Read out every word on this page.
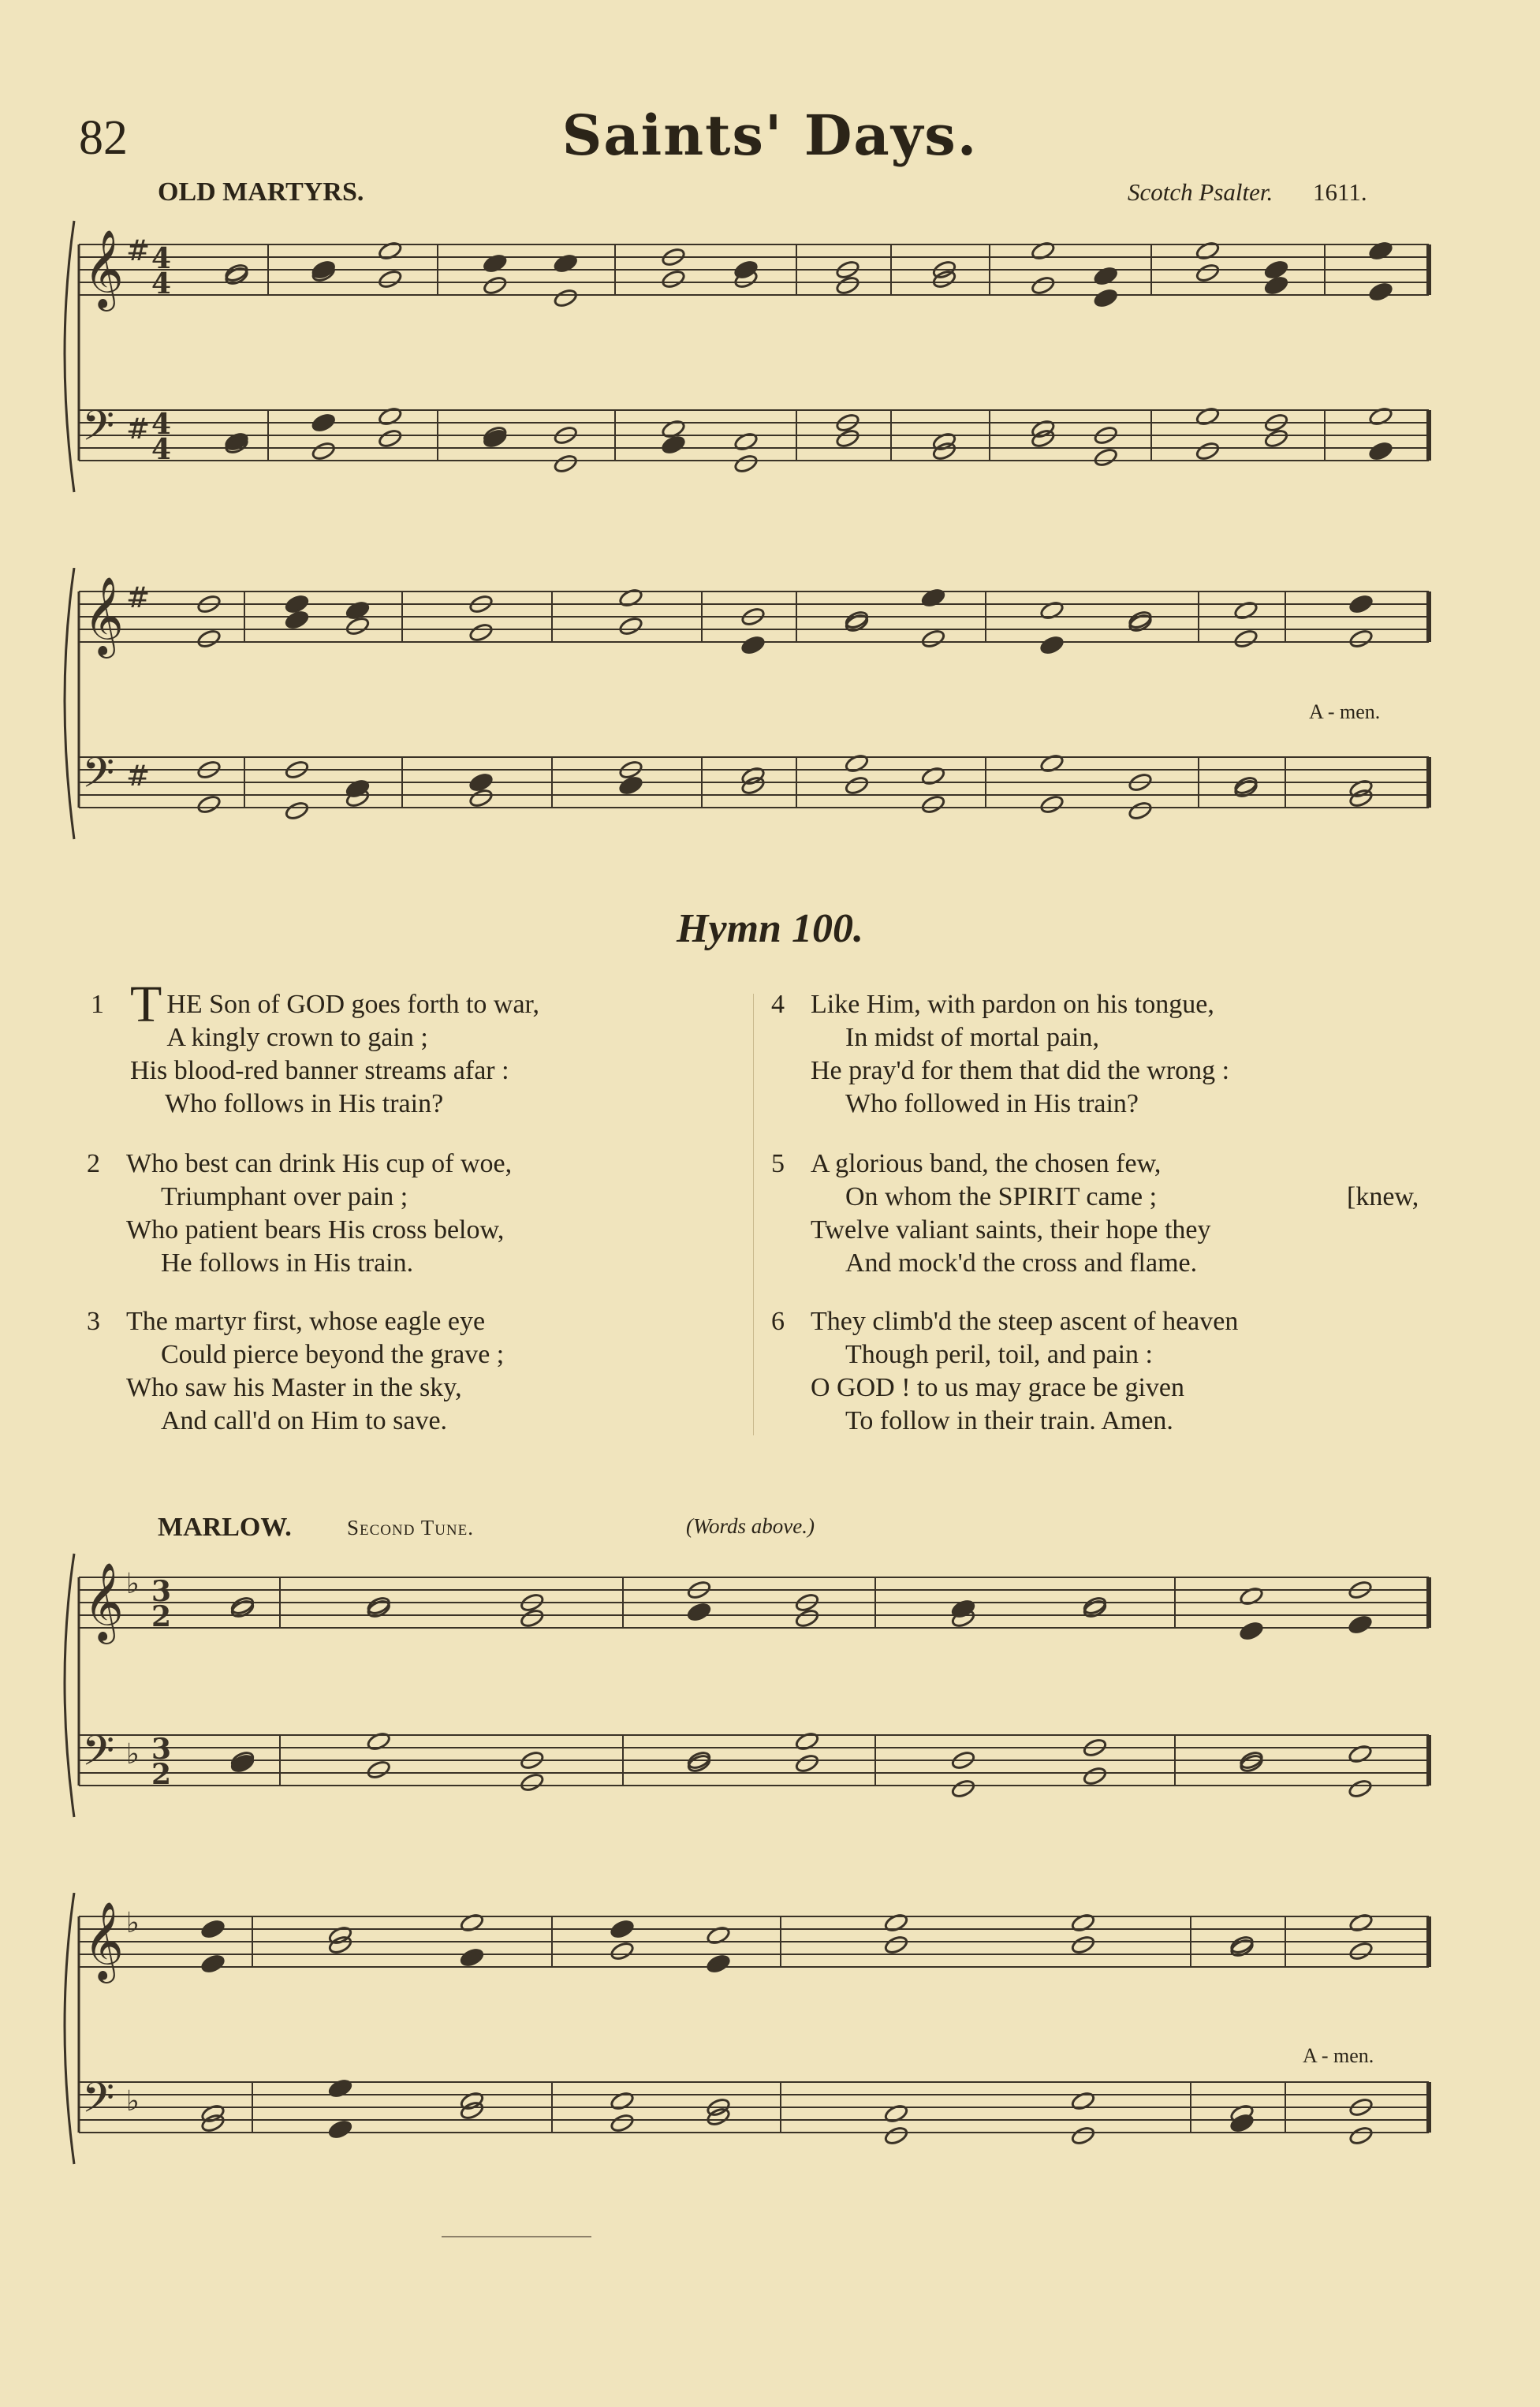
82	Saints' Days.
OLD MARTYRS.	Scotch Psalter. 1611.
𝄞
𝄢
#
#
4
4
4
4
𝄞
𝄢
#
#
A - men.
Hymn 100.
1 THE Son of GOD goes forth to war,
A kingly crown to gain ;
His blood-red banner streams afar :
Who follows in His train?
2 Who best can drink His cup of woe,
Triumphant over pain ;
Who patient bears His cross below,
He follows in His train.
3 The martyr first, whose eagle eye
Could pierce beyond the grave ;
Who saw his Master in the sky,
And call'd on Him to save.
4 Like Him, with pardon on his tongue,
In midst of mortal pain,
He pray'd for them that did the wrong :
Who followed in His train?
5 A glorious band, the chosen few,
On whom the SPIRIT came ;	[knew,
Twelve valiant saints, their hope they
And mock'd the cross and flame.
6 They climb'd the steep ascent of heaven
Though peril, toil, and pain :
O GOD ! to us may grace be given
To follow in their train. Amen.
MARLOW.	Second Tune.	(Words above.)
𝄞
𝄢
♭
♭
3
2
3
2
𝄞
𝄢
♭
♭
A - men.
